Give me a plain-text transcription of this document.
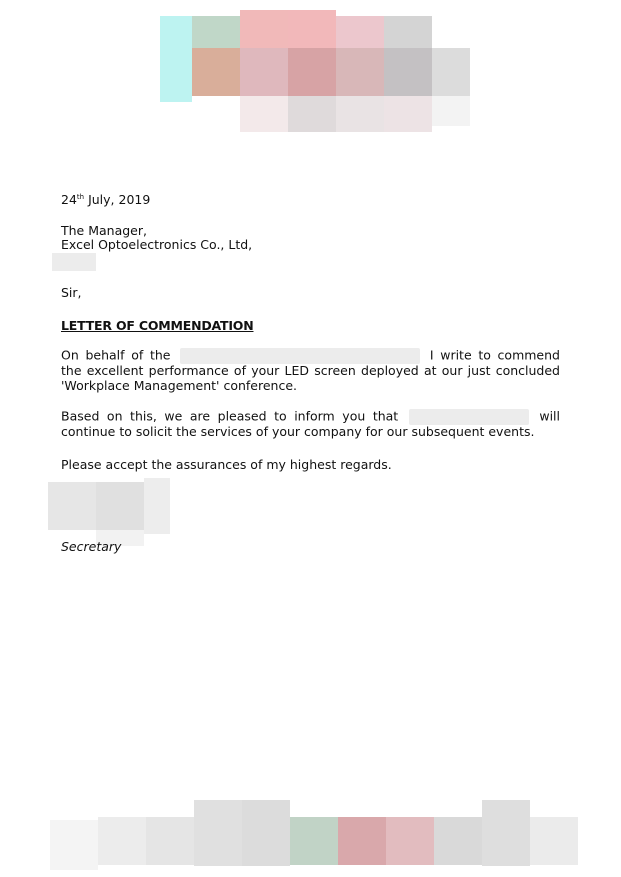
24th July, 2019
The Manager,
Excel Optoelectronics Co., Ltd,
Sir,
LETTER OF COMMENDATION
On behalf of the	I write to commend the excellent performance of your LED screen deployed at our just concluded 'Workplace Management' conference.
Based on this, we are pleased to inform you that	will continue to solicit the services of your company for our subsequent events.
Please accept the assurances of my highest regards.
Secretary
